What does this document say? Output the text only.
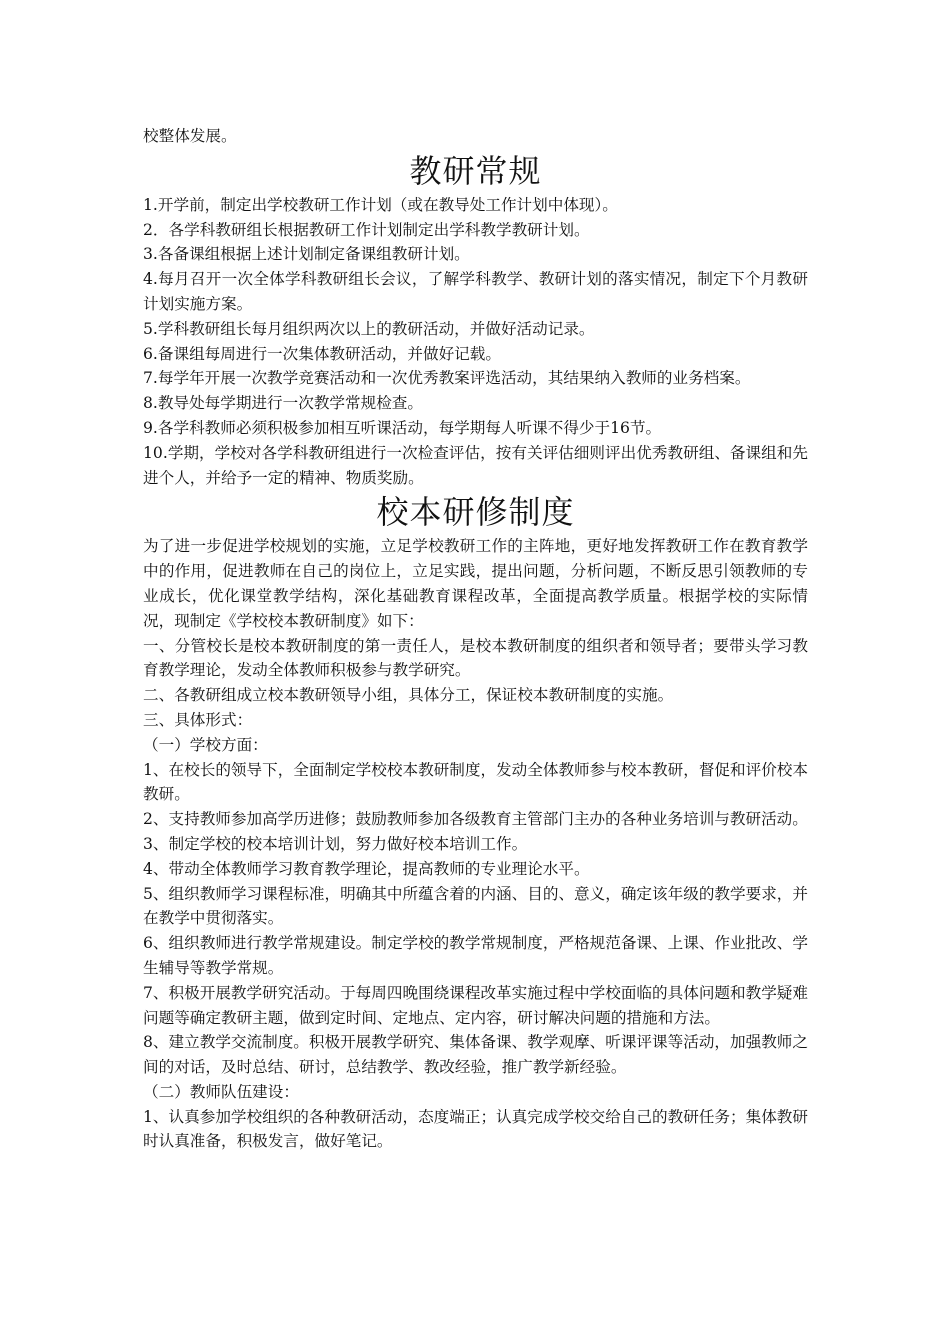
校整体发展。

教研常规

1.开学前，制定出学校教研工作计划（或在教导处工作计划中体现）。

2．各学科教研组长根据教研工作计划制定出学科教学教研计划。

3.各备课组根据上述计划制定备课组教研计划。

4.每月召开一次全体学科教研组长会议，了解学科教学、教研计划的落实情况，制定下个月教研计划实施方案。

5.学科教研组长每月组织两次以上的教研活动，并做好活动记录。

6.备课组每周进行一次集体教研活动，并做好记载。

7.每学年开展一次教学竞赛活动和一次优秀教案评选活动，其结果纳入教师的业务档案。

8.教导处每学期进行一次教学常规检查。

9.各学科教师必须积极参加相互听课活动，每学期每人听课不得少于16节。

10.学期，学校对各学科教研组进行一次检查评估，按有关评估细则评出优秀教研组、备课组和先进个人，并给予一定的精神、物质奖励。

校本研修制度

为了进一步促进学校规划的实施，立足学校教研工作的主阵地，更好地发挥教研工作在教育教学中的作用，促进教师在自己的岗位上，立足实践，提出问题，分析问题，不断反思引领教师的专业成长，优化课堂教学结构，深化基础教育课程改革，全面提高教学质量。根据学校的实际情况，现制定《学校校本教研制度》如下：

一、分管校长是校本教研制度的第一责任人，是校本教研制度的组织者和领导者；要带头学习教育教学理论，发动全体教师积极参与教学研究。

二、各教研组成立校本教研领导小组，具体分工，保证校本教研制度的实施。

三、具体形式：

（一）学校方面：

1、在校长的领导下，全面制定学校校本教研制度，发动全体教师参与校本教研，督促和评价校本教研。

2、支持教师参加高学历进修；鼓励教师参加各级教育主管部门主办的各种业务培训与教研活动。

3、制定学校的校本培训计划，努力做好校本培训工作。

4、带动全体教师学习教育教学理论，提高教师的专业理论水平。

5、组织教师学习课程标准，明确其中所蕴含着的内涵、目的、意义，确定该年级的教学要求，并在教学中贯彻落实。

6、组织教师进行教学常规建设。制定学校的教学常规制度，严格规范备课、上课、作业批改、学生辅导等教学常规。

7、积极开展教学研究活动。于每周四晚围绕课程改革实施过程中学校面临的具体问题和教学疑难问题等确定教研主题，做到定时间、定地点、定内容，研讨解决问题的措施和方法。

8、建立教学交流制度。积极开展教学研究、集体备课、教学观摩、听课评课等活动，加强教师之间的对话，及时总结、研讨，总结教学、教改经验，推广教学新经验。

（二）教师队伍建设：

1、认真参加学校组织的各种教研活动，态度端正；认真完成学校交给自己的教研任务；集体教研时认真准备，积极发言，做好笔记。
